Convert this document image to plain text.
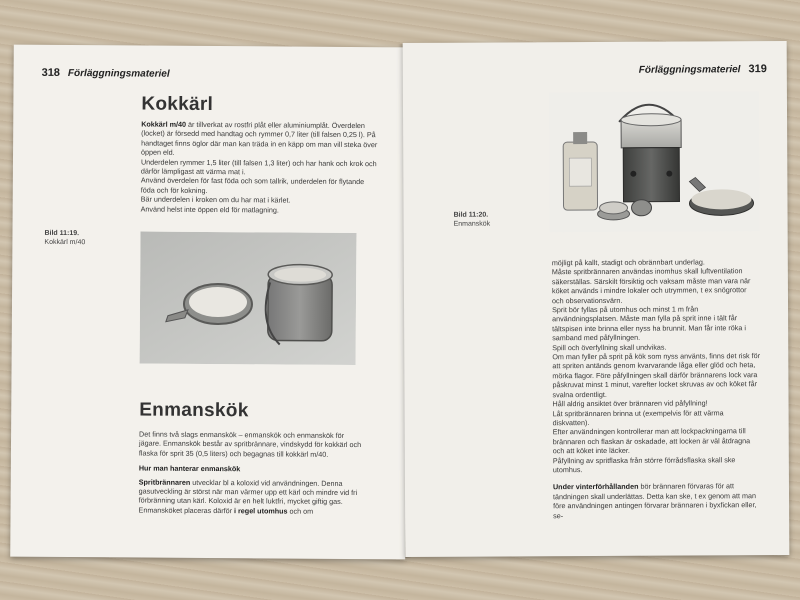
318 Förläggningsmateriel
Kokkärl

Kokkärl m/40 är tillverkat av rostfri plåt eller aluminiumplåt. Överdelen (locket) är försedd med handtag och rymmer 0,7 liter (till falsen 0,25 l). På handtaget finns öglor där man kan träda in en käpp om man vill steka över öppen eld.

Underdelen rymmer 1,5 liter (till falsen 1,3 liter) och har hank och krok och därför lämpligast att värma mat i.

Använd överdelen för fast föda och som tallrik, underdelen för flytande föda och för kokning.

Bär underdelen i kroken om du har mat i kärlet.

Använd helst inte öppen eld för matlagning.

Bild 11:19.
Kokkärl m/40
Enmanskök

Det finns två slags enmanskök – enmanskök och enmanskök för jägare. Enmanskök består av spritbrännare, vindskydd för kokkärl och flaska för sprit 35 (0,5 liters) och begagnas till kokkärl m/40.

Hur man hanterar enmanskök

Spritbrännaren utvecklar bl a koloxid vid användningen. Denna gasutveckling är störst när man värmer upp ett kärl och mindre vid fri förbränning utan kärl. Koloxid är en helt luktfri, mycket giftig gas. Enmansköket placeras därför i regel utomhus och om

Förläggningsmateriel 319
Bild 11:20.
Enmanskök

möjligt på kallt, stadigt och obrännbart underlag.

Måste spritbrännaren användas inomhus skall luftventilation säkerställas. Särskilt försiktig och vaksam måste man vara när köket används i mindre lokaler och utrymmen, t ex snögrottor och observationsvärn.

Sprit bör fyllas på utomhus och minst 1 m från användningsplatsen. Måste man fylla på sprit inne i tält får tältspisen inte brinna eller nyss ha brunnit. Man får inte röka i samband med påfyllningen.

Spill och överfyllning skall undvikas.

Om man fyller på sprit på kök som nyss använts, finns det risk för att spriten antänds genom kvarvarande låga eller glöd och heta, mörka flagor. Före påfyllningen skall därför brännarens lock vara påskruvat minst 1 minut, varefter locket skruvas av och köket får svalna ordentligt.

Håll aldrig ansiktet över brännaren vid påfyllning!

Låt spritbrännaren brinna ut (exempelvis för att värma diskvatten).

Efter användningen kontrollerar man att lockpackningarna till brännaren och flaskan är oskadade, att locken är väl åtdragna och att köket inte läcker.

Påfyllning av spritflaska från större förrådsflaska skall ske utomhus.

Under vinterförhållanden bör brännaren förvaras för att tändningen skall underlättas. Detta kan ske, t ex genom att man före användningen antingen förvarar brännaren i byxfickan eller, se-
